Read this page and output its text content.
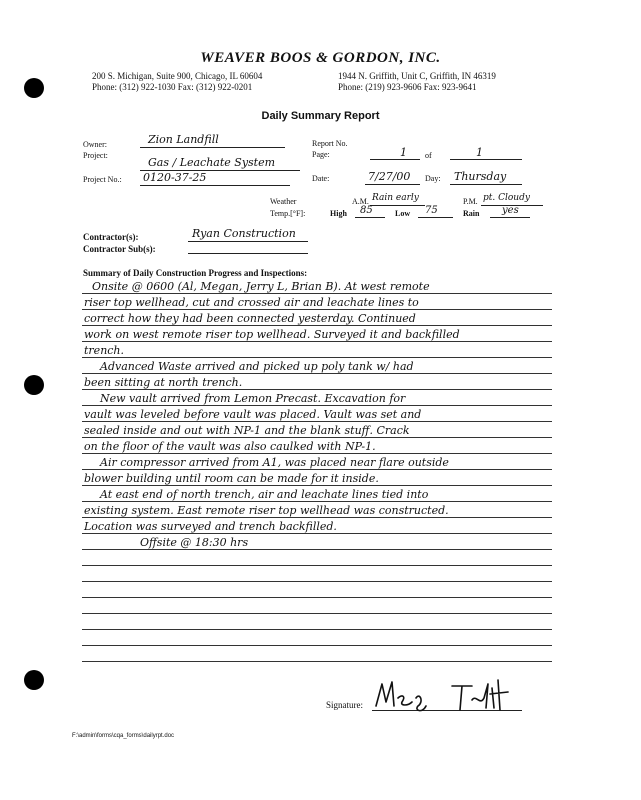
WEAVER BOOS & GORDON, INC.
200 S. Michigan, Suite 900, Chicago, IL 60604
Phone: (312) 922-1030 Fax: (312) 922-0201
1944 N. Griffith, Unit C, Griffith, IN 46319
Phone: (219) 923-9606 Fax: 923-9641
Daily Summary Report
Owner:	Zion Landfill
Project:
Gas / Leachate System
Project No.: 0120-37-25
Report No.
Page:	1 of	1
Date:	7/27/00 Day: Thursday
Weather	A.M. Rain early	P.M. pt. Cloudy
Temp.[°F]:	High 85	Low 75	Rain yes
Contractor(s):	Ryan Construction
Contractor Sub(s):
Summary of Daily Construction Progress and Inspections:
Onsite @ 0600 (Al, Megan, Jerry L, Brian B). At west remote
riser top wellhead, cut and crossed air and leachate lines to
correct how they had been connected yesterday. Continued
work on west remote riser top wellhead. Surveyed it and backfilled
trench.
Advanced Waste arrived and picked up poly tank w/ had
been sitting at north trench.
New vault arrived from Lemon Precast. Excavation for
vault was leveled before vault was placed. Vault was set and
sealed inside and out with NP-1 and the blank stuff. Crack
on the floor of the vault was also caulked with NP-1.
Air compressor arrived from A1, was placed near flare outside
blower building until room can be made for it inside.
At east end of north trench, air and leachate lines tied into
existing system. East remote riser top wellhead was constructed.
Location was surveyed and trench backfilled.
Offsite @ 18:30 hrs
Signature:
F:\admin\forms\cqa_forms\dailyrpt.doc
